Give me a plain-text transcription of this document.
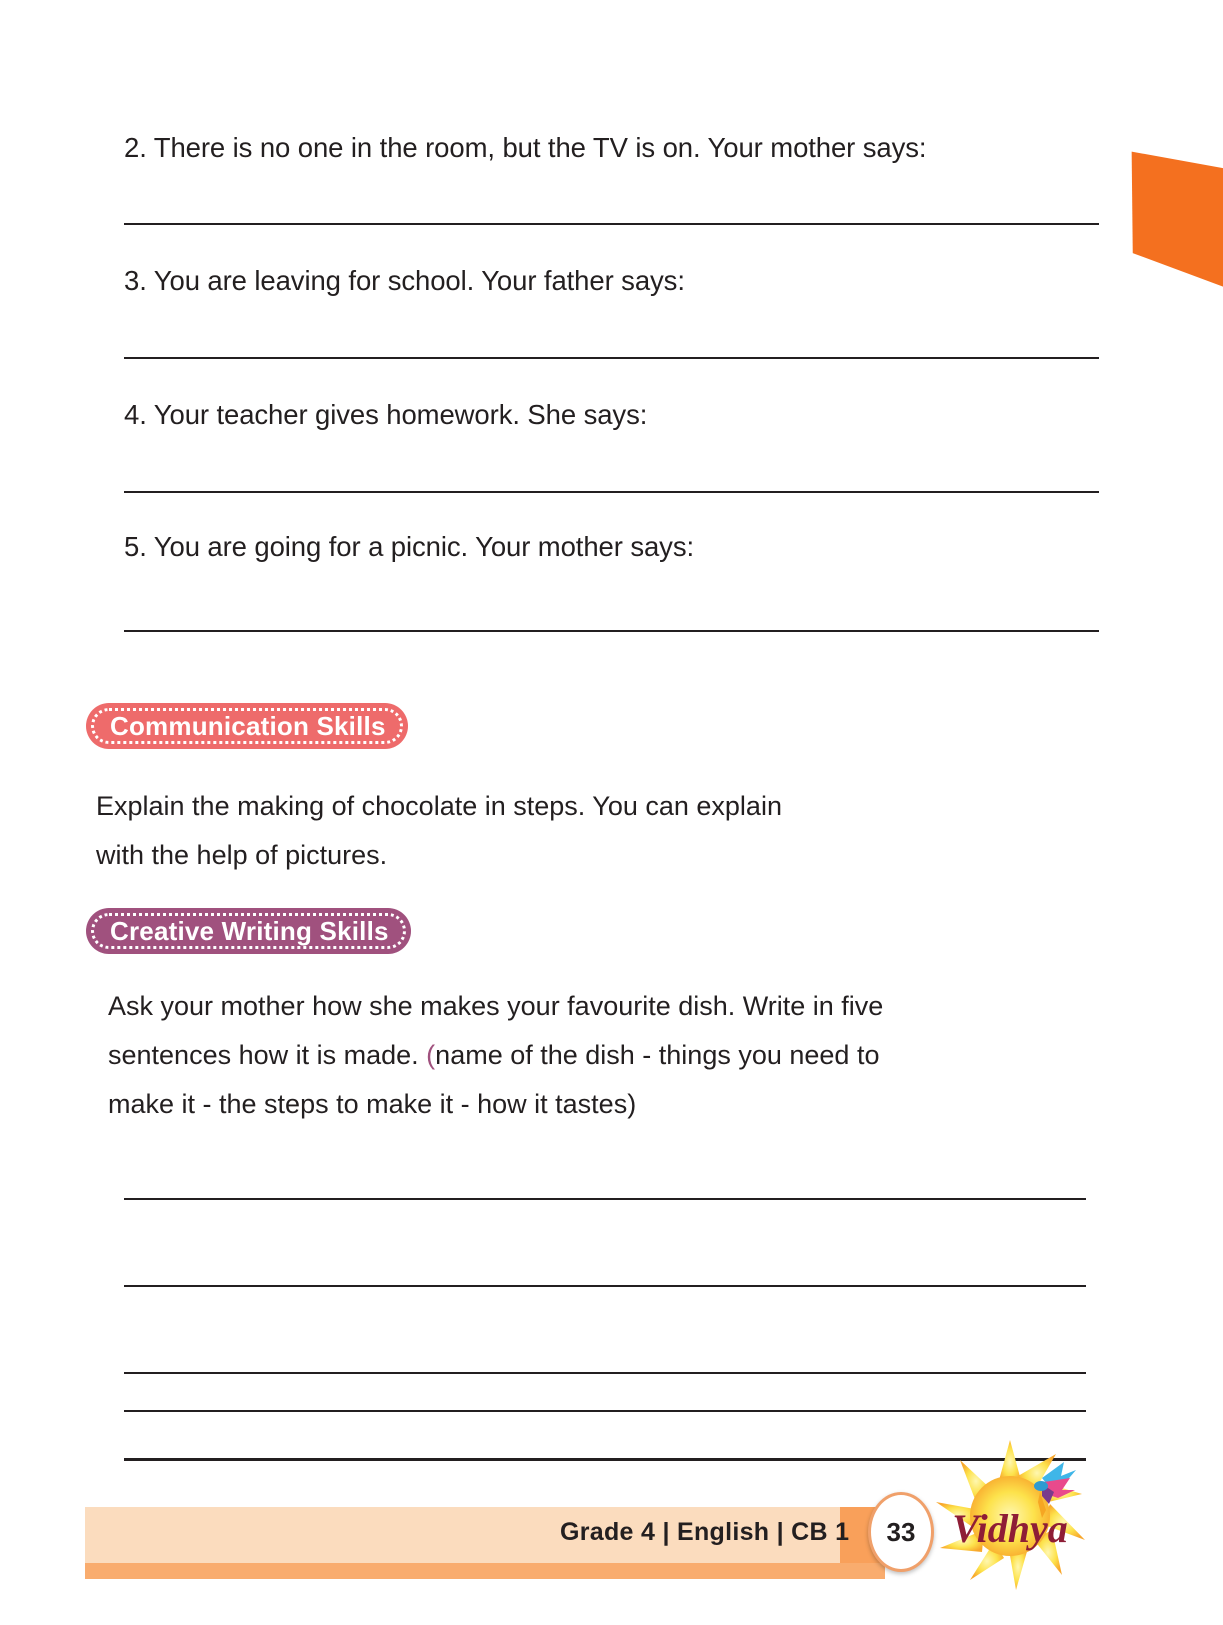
2. There is no one in the room, but the TV is on. Your mother says:
3. You are leaving for school. Your father says:
4. Your teacher gives homework. She says:
5. You are going for a picnic. Your mother says:
Communication Skills
Explain the making of chocolate in steps. You can explain
with the help of pictures.
Creative Writing Skills
Ask your mother how she makes your favourite dish. Write in five
sentences how it is made. (name of the dish - things you need to
make it - the steps to make it - how it tastes)
Grade 4 | English | CB 1	33 Vidhya
